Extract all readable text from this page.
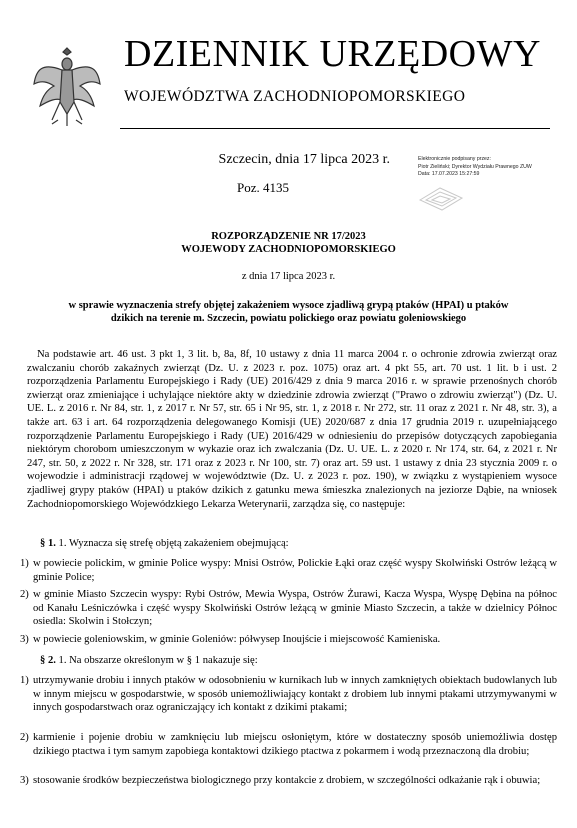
DZIENNIK URZĘDOWY
WOJEWÓDZTWA ZACHODNIOPOMORSKIEGO
Szczecin, dnia 17 lipca 2023 r.
Poz. 4135
Elektronicznie podpisany przez:
Piotr Zieliński; Dyrektor Wydziału Prawnego ZUW
Data: 17.07.2023 15:27:59
ROZPORZĄDZENIE NR 17/2023
WOJEWODY ZACHODNIOPOMORSKIEGO
z dnia 17 lipca 2023 r.
w sprawie wyznaczenia strefy objętej zakażeniem wysoce zjadliwą grypą ptaków (HPAI) u ptaków
dzikich na terenie m. Szczecin, powiatu polickiego oraz powiatu goleniowskiego
Na podstawie art. 46 ust. 3 pkt 1, 3 lit. b, 8a, 8f, 10 ustawy z dnia 11 marca 2004 r. o ochronie zdrowia zwierząt oraz zwalczaniu chorób zakaźnych zwierząt (Dz. U. z 2023 r. poz. 1075) oraz art. 4 pkt 55, art. 70 ust. 1 lit. b i ust. 2 rozporządzenia Parlamentu Europejskiego i Rady (UE) 2016/429 z dnia 9 marca 2016 r. w sprawie przenośnych chorób zwierząt oraz zmieniające i uchylające niektóre akty w dziedzinie zdrowia zwierząt ("Prawo o zdrowiu zwierząt") (Dz. U. UE. L. z 2016 r. Nr 84, str. 1, z 2017 r. Nr 57, str. 65 i Nr 95, str. 1, z 2018 r. Nr 272, str. 11 oraz z 2021 r. Nr 48, str. 3), a także art. 63 i art. 64 rozporządzenia delegowanego Komisji (UE) 2020/687 z dnia 17 grudnia 2019 r. uzupełniającego rozporządzenie Parlamentu Europejskiego i Rady (UE) 2016/429 w odniesieniu do przepisów dotyczących zapobiegania niektórym chorobom umieszczonym w wykazie oraz ich zwalczania (Dz. U. UE. L. z 2020 r. Nr 174, str. 64, z 2021 r. Nr 247, str. 50, z 2022 r. Nr 328, str. 171 oraz z 2023 r. Nr 100, str. 7) oraz art. 59 ust. 1 ustawy z dnia 23 stycznia 2009 r. o wojewodzie i administracji rządowej w województwie (Dz. U. z 2023 r. poz. 190), w związku z wystąpieniem wysoce zjadliwej grypy ptaków (HPAI) u ptaków dzikich z gatunku mewa śmieszka znalezionych na jeziorze Dąbie, na wniosek Zachodniopomorskiego Wojewódzkiego Lekarza Weterynarii, zarządza się, co następuje:
§ 1. 1. Wyznacza się strefę objętą zakażeniem obejmującą:
1) w powiecie polickim, w gminie Police wyspy: Mnisi Ostrów, Polickie Łąki oraz część wyspy Skolwiński Ostrów leżącą w gminie Police;
2) w gminie Miasto Szczecin wyspy: Rybi Ostrów, Mewia Wyspa, Ostrów Żurawi, Kacza Wyspa, Wyspę Dębina na północ od Kanału Leśniczówka i część wyspy Skolwiński Ostrów leżącą w gminie Miasto Szczecin, a także w dzielnicy Północ osiedla: Skolwin i Stołczyn;
3) w powiecie goleniowskim, w gminie Goleniów: półwysep Inoujście i miejscowość Kamieniska.
§ 2. 1. Na obszarze określonym w § 1 nakazuje się:
1) utrzymywanie drobiu i innych ptaków w odosobnieniu w kurnikach lub w innych zamkniętych obiektach budowlanych lub w innym miejscu w gospodarstwie, w sposób uniemożliwiający kontakt z drobiem lub innymi ptakami utrzymywanymi w innych gospodarstwach oraz ograniczający ich kontakt z dzikimi ptakami;
2) karmienie i pojenie drobiu w zamknięciu lub miejscu osłoniętym, które w dostateczny sposób uniemożliwia dostęp dzikiego ptactwa i tym samym zapobiega kontaktowi dzikiego ptactwa z pokarmem i wodą przeznaczoną dla drobiu;
3) stosowanie środków bezpieczeństwa biologicznego przy kontakcie z drobiem, w szczególności odkażanie rąk i obuwia;
